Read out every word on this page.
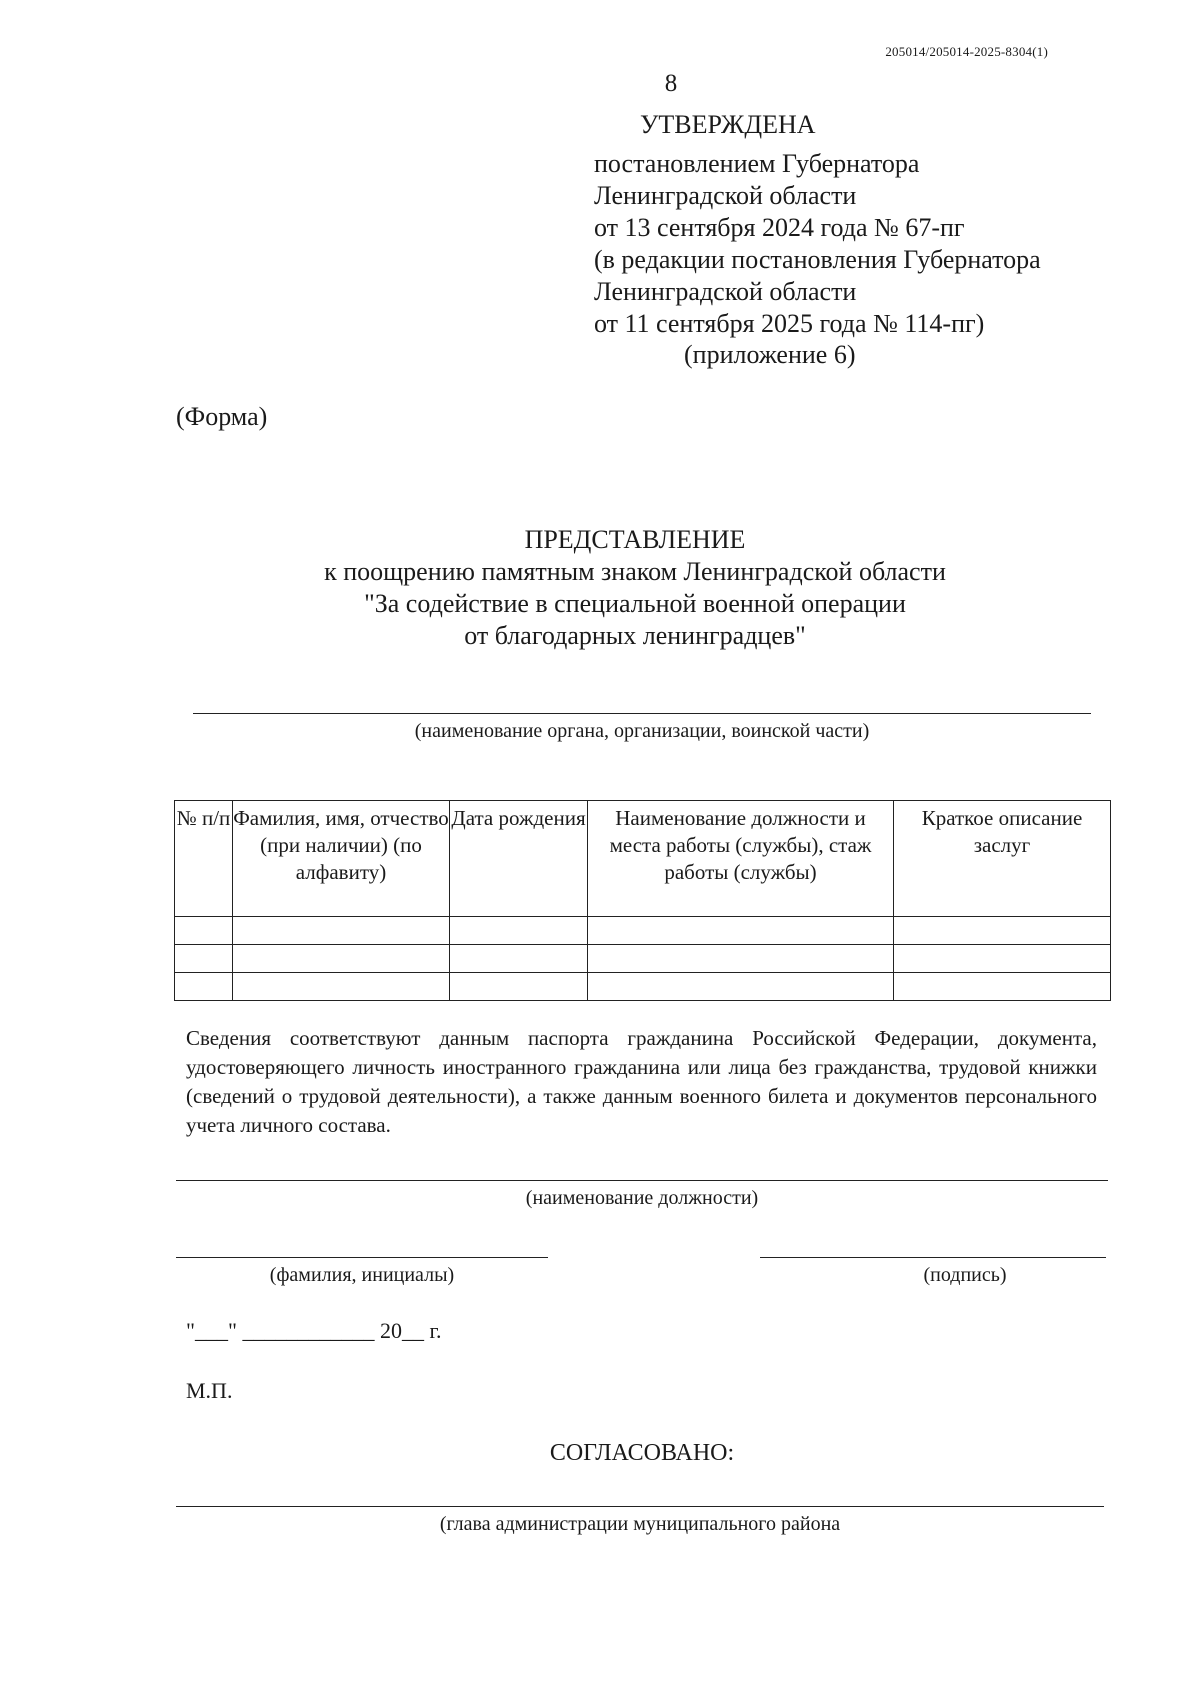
205014/205014-2025-8304(1)
8
УТВЕРЖДЕНА
постановлением Губернатора
Ленинградской области
от 13 сентября 2024 года № 67-пг
(в редакции постановления Губернатора
Ленинградской области
от 11 сентября 2025 года № 114-пг)
(приложение 6)
(Форма)
ПРЕДСТАВЛЕНИЕ
к поощрению памятным знаком Ленинградской области
"За содействие в специальной военной операции
от благодарных ленинградцев"
(наименование органа, организации, воинской части)
№ п/п	Фамилия, имя, отчество (при наличии) (по алфавиту)	Дата рождения	Наименование должности и места работы (службы), стаж работы (службы)	Краткое описание заслуг

Сведения соответствуют данным паспорта гражданина Российской Федерации, документа, удостоверяющего личность иностранного гражданина или лица без гражданства, трудовой книжки (сведений о трудовой деятельности), а также данным военного билета и документов персонального учета личного состава.
(наименование должности)
(фамилия, инициалы)	(подпись)
"___" ____________ 20__ г.
М.П.
СОГЛАСОВАНО:
(глава администрации муниципального района
